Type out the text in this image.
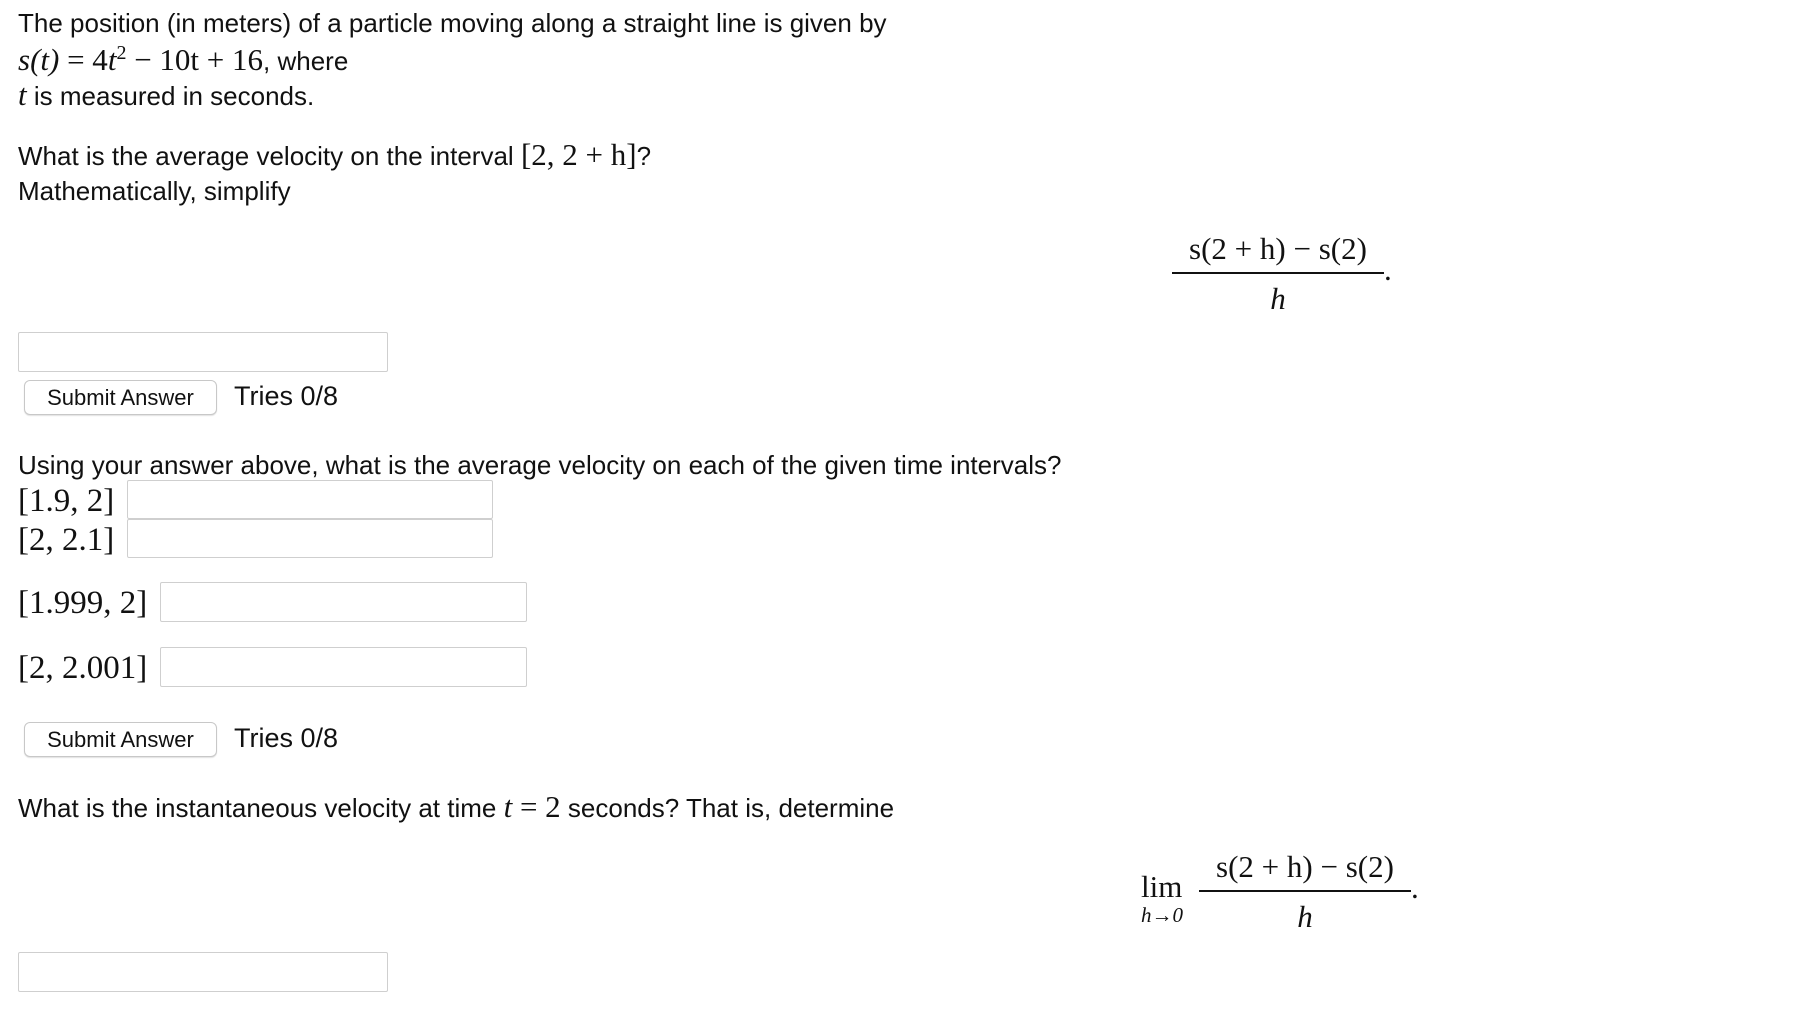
The position (in meters) of a particle moving along a straight line is given by
$s(t) = 4t^2 - 10t + 16$, where
t is measured in seconds.
What is the average velocity on the interval [2, 2 + h]?
Mathematically, simplify
s(2 + h) − s(2)
h
.
Submit Answer	Tries 0/8
Using your answer above, what is the average velocity on each of the given time intervals?
[1.9, 2]
[2, 2.1]
[1.999, 2]
[2, 2.001]
Submit Answer	Tries 0/8
What is the instantaneous velocity at time t = 2 seconds? That is, determine
lim
h→0
s(2 + h) − s(2)
h
.
